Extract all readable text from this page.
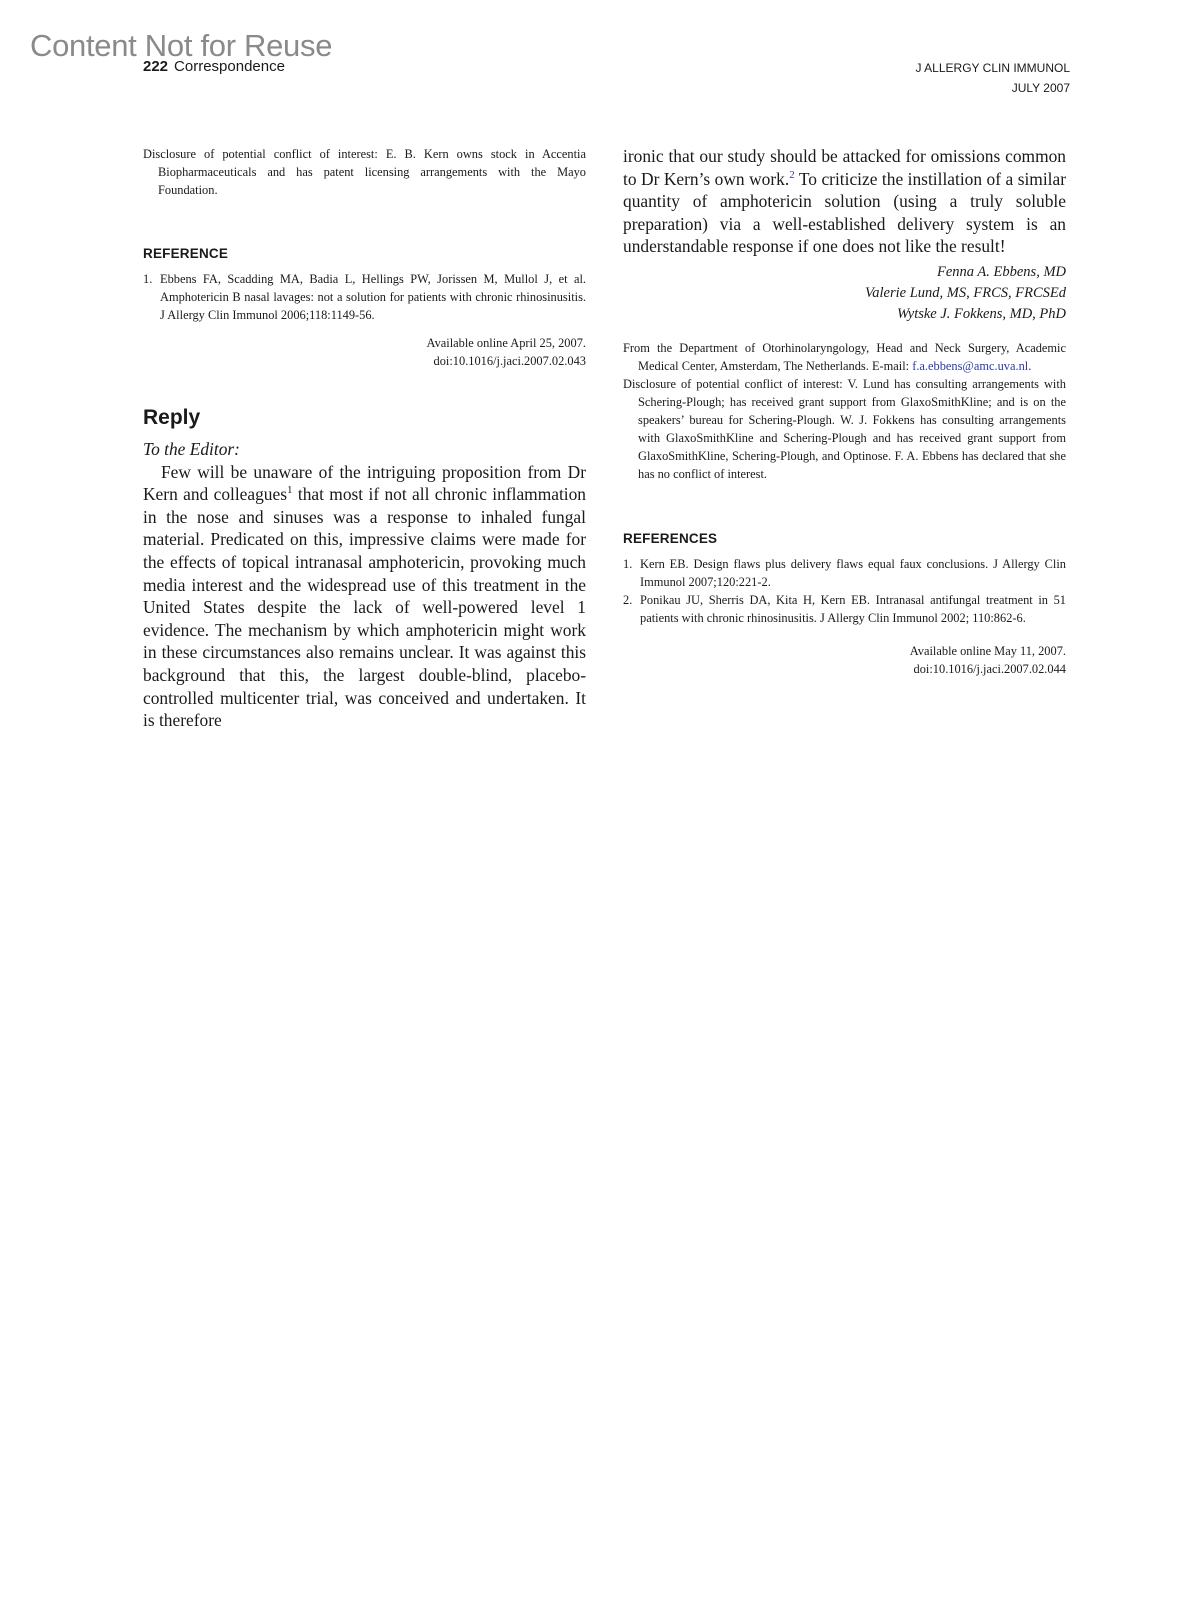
Content Not for Reuse
222 Correspondence	J ALLERGY CLIN IMMUNOL
JULY 2007

Disclosure of potential conflict of interest: E. B. Kern owns stock in Accentia Biopharmaceuticals and has patent licensing arrangements with the Mayo Foundation.

REFERENCE
1. Ebbens FA, Scadding MA, Badia L, Hellings PW, Jorissen M, Mullol J, et al. Amphotericin B nasal lavages: not a solution for patients with chronic rhinosinusitis. J Allergy Clin Immunol 2006;118:1149-56.
Available online April 25, 2007.
doi:10.1016/j.jaci.2007.02.043
Reply
To the Editor:

Few will be unaware of the intriguing proposition from Dr Kern and colleagues$^1$ that most if not all chronic inflammation in the nose and sinuses was a response to inhaled fungal material. Predicated on this, impressive claims were made for the effects of topical intranasal amphotericin, provoking much media interest and the widespread use of this treatment in the United States despite the lack of well-powered level 1 evidence. The mechanism by which amphotericin might work in these circumstances also remains unclear. It was against this background that this, the largest double-blind, placebo-controlled multicenter trial, was conceived and undertaken. It is therefore

ironic that our study should be attacked for omissions common to Dr Kern’s own work.$^2$ To criticize the instillation of a similar quantity of amphotericin solution (using a truly soluble preparation) via a well-established delivery system is an understandable response if one does not like the result!

Fenna A. Ebbens, MD
Valerie Lund, MS, FRCS, FRCSEd
Wytske J. Fokkens, MD, PhD

From the Department of Otorhinolaryngology, Head and Neck Surgery, Academic Medical Center, Amsterdam, The Netherlands. E-mail: f.a.ebbens@amc.uva.nl.

Disclosure of potential conflict of interest: V. Lund has consulting arrangements with Schering-Plough; has received grant support from GlaxoSmithKline; and is on the speakers’ bureau for Schering-Plough. W. J. Fokkens has consulting arrangements with GlaxoSmithKline and Schering-Plough and has received grant support from GlaxoSmithKline, Schering-Plough, and Optinose. F. A. Ebbens has declared that she has no conflict of interest.

REFERENCES
1. Kern EB. Design flaws plus delivery flaws equal faux conclusions. J Allergy Clin Immunol 2007;120:221-2.
2. Ponikau JU, Sherris DA, Kita H, Kern EB. Intranasal antifungal treatment in 51 patients with chronic rhinosinusitis. J Allergy Clin Immunol 2002; 110:862-6.
Available online May 11, 2007.
doi:10.1016/j.jaci.2007.02.044
